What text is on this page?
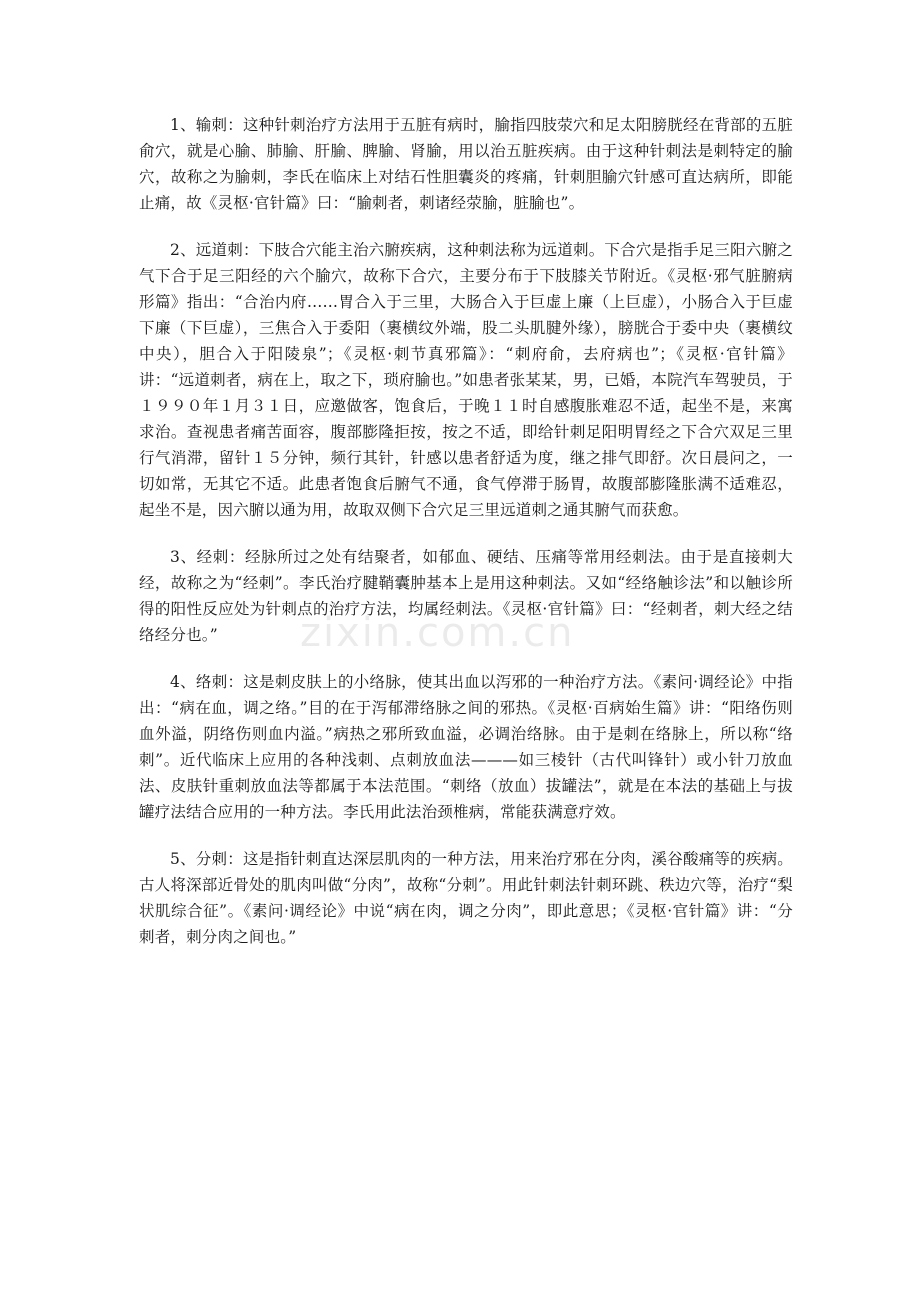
1、输刺：这种针刺治疗方法用于五脏有病时，腧指四肢荥穴和足太阳膀胱经在背部的五脏俞穴，就是心腧、肺腧、肝腧、脾腧、肾腧，用以治五脏疾病。由于这种针刺法是刺特定的腧穴，故称之为腧刺，李氏在临床上对结石性胆囊炎的疼痛，针刺胆腧穴针感可直达病所，即能止痛，故《灵枢·官针篇》曰：“腧刺者，刺诸经荥腧，脏腧也”。

2、远道刺：下肢合穴能主治六腑疾病，这种刺法称为远道刺。下合穴是指手足三阳六腑之气下合于足三阳经的六个腧穴，故称下合穴，主要分布于下肢膝关节附近。《灵枢·邪气脏腑病形篇》指出：“合治内府……胃合入于三里，大肠合入于巨虚上廉（上巨虚），小肠合入于巨虚下廉（下巨虚），三焦合入于委阳（裹横纹外端，股二头肌腱外缘），膀胱合于委中央（裹横纹中央），胆合入于阳陵泉”；《灵枢·刺节真邪篇》：“刺府俞，去府病也”；《灵枢·官针篇》讲：“远道刺者，病在上，取之下，琐府腧也。”如患者张某某，男，已婚，本院汽车驾驶员，于１９９０年１月３１日，应邀做客，饱食后，于晚１１时自感腹胀难忍不适，起坐不是，来寓求治。查视患者痛苦面容，腹部膨隆拒按，按之不适，即给针刺足阳明胃经之下合穴双足三里行气消滞，留针１５分钟，频行其针，针感以患者舒适为度，继之排气即舒。次日晨问之，一切如常，无其它不适。此患者饱食后腑气不通，食气停滞于肠胃，故腹部膨隆胀满不适难忍，起坐不是，因六腑以通为用，故取双侧下合穴足三里远道刺之通其腑气而获愈。

3、经刺：经脉所过之处有结聚者，如郁血、硬结、压痛等常用经刺法。由于是直接刺大经，故称之为“经刺”。李氏治疗腱鞘囊肿基本上是用这种刺法。又如“经络触诊法”和以触诊所得的阳性反应处为针刺点的治疗方法，均属经刺法。《灵枢·官针篇》曰：“经刺者，刺大经之结络经分也。”

4、络刺：这是刺皮肤上的小络脉，使其出血以泻邪的一种治疗方法。《素问·调经论》中指出：“病在血，调之络。”目的在于泻郁滞络脉之间的邪热。《灵枢·百病始生篇》讲：“阳络伤则血外溢，阴络伤则血内溢。”病热之邪所致血溢，必调治络脉。由于是刺在络脉上，所以称“络刺”。近代临床上应用的各种浅刺、点刺放血法———如三棱针（古代叫锋针）或小针刀放血法、皮肤针重刺放血法等都属于本法范围。“刺络（放血）拔罐法”，就是在本法的基础上与拔罐疗法结合应用的一种方法。李氏用此法治颈椎病，常能获满意疗效。

5、分刺：这是指针刺直达深层肌肉的一种方法，用来治疗邪在分肉，溪谷酸痛等的疾病。古人将深部近骨处的肌肉叫做“分肉”，故称“分刺”。用此针刺法针刺环跳、秩边穴等，治疗“梨状肌综合征”。《素问·调经论》中说“病在肉，调之分肉”，即此意思；《灵枢·官针篇》讲：“分刺者，刺分肉之间也。”

zixin.com.cn
